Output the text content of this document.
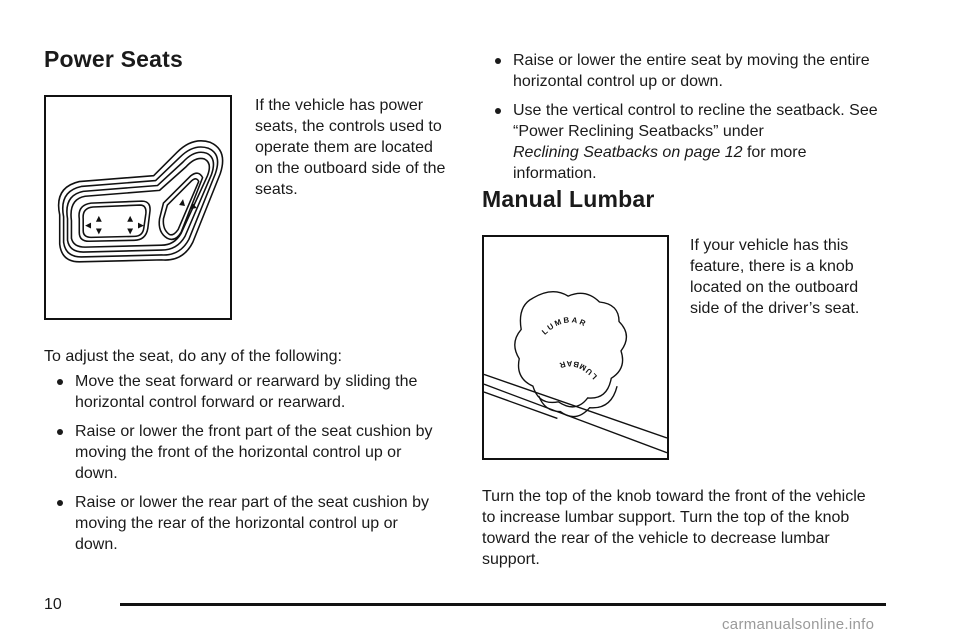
Power Seats

If the vehicle has power seats, the controls used to operate them are located on the outboard side of the seats.

To adjust the seat, do any of the following:

Move the seat forward or rearward by sliding the horizontal control forward or rearward.
Raise or lower the front part of the seat cushion by moving the front of the horizontal control up or down.
Raise or lower the rear part of the seat cushion by moving the rear of the horizontal control up or down.
Raise or lower the entire seat by moving the entire horizontal control up or down.
Use the vertical control to recline the seatback. See “Power Reclining Seatbacks” under
Reclining Seatbacks on page 12 for more information.
Manual Lumbar
LUMBAR
LUMBAR

If your vehicle has this feature, there is a knob located on the outboard side of the driver’s seat.

Turn the top of the knob toward the front of the vehicle to increase lumbar support. Turn the top of the knob toward the rear of the vehicle to decrease lumbar support.

10
carmanualsonline.info
